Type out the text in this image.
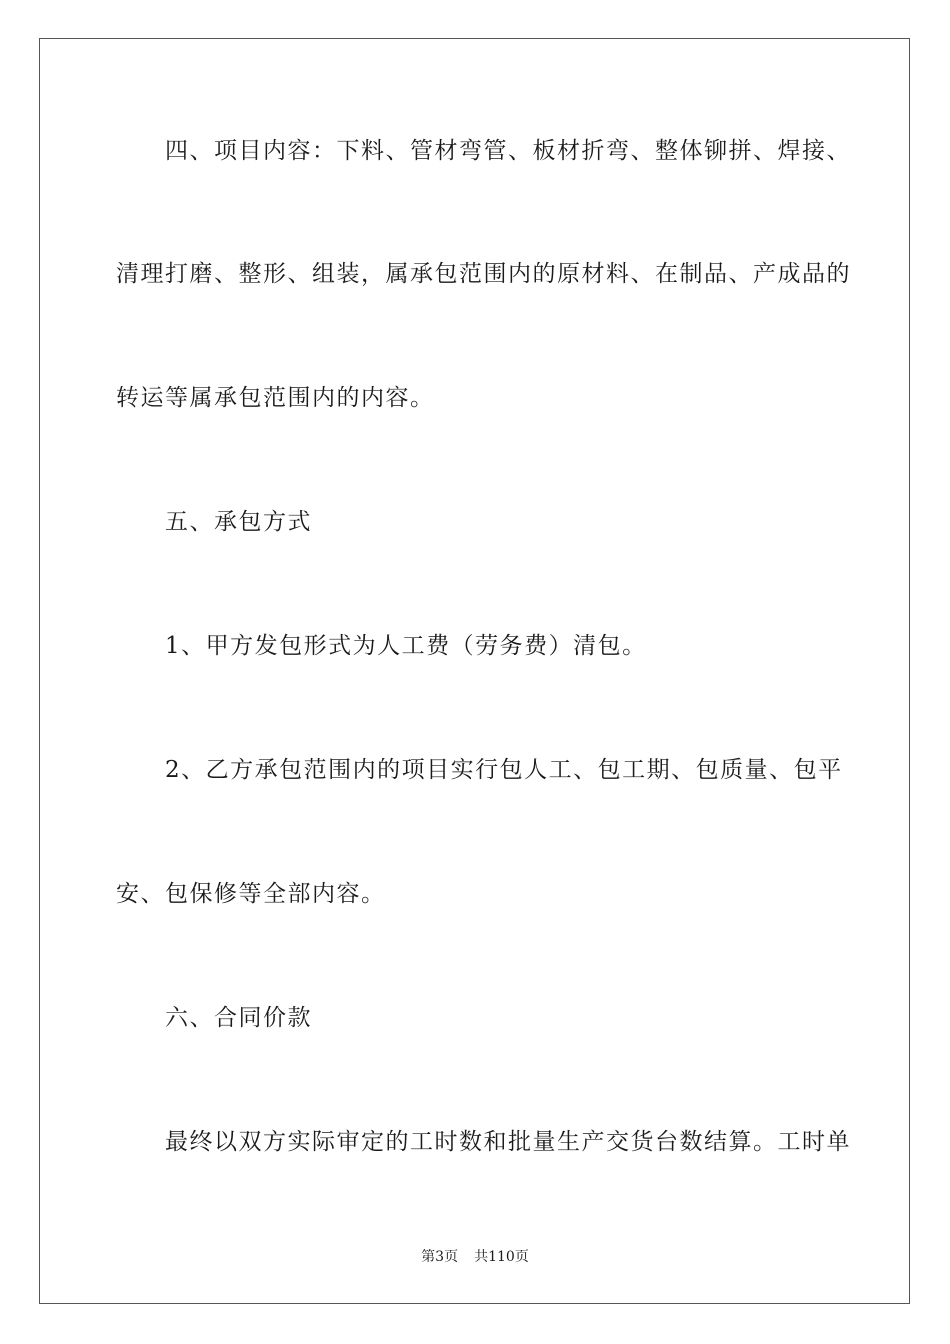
四、项目内容：下料、管材弯管、板材折弯、整体铆拼、焊接、
清理打磨、整形、组装，属承包范围内的原材料、在制品、产成品的
转运等属承包范围内的内容。
五、承包方式
1、甲方发包形式为人工费（劳务费）清包。
2、乙方承包范围内的项目实行包人工、包工期、包质量、包平
安、包保修等全部内容。
六、合同价款
最终以双方实际审定的工时数和批量生产交货台数结算。工时单
第3页 共110页
